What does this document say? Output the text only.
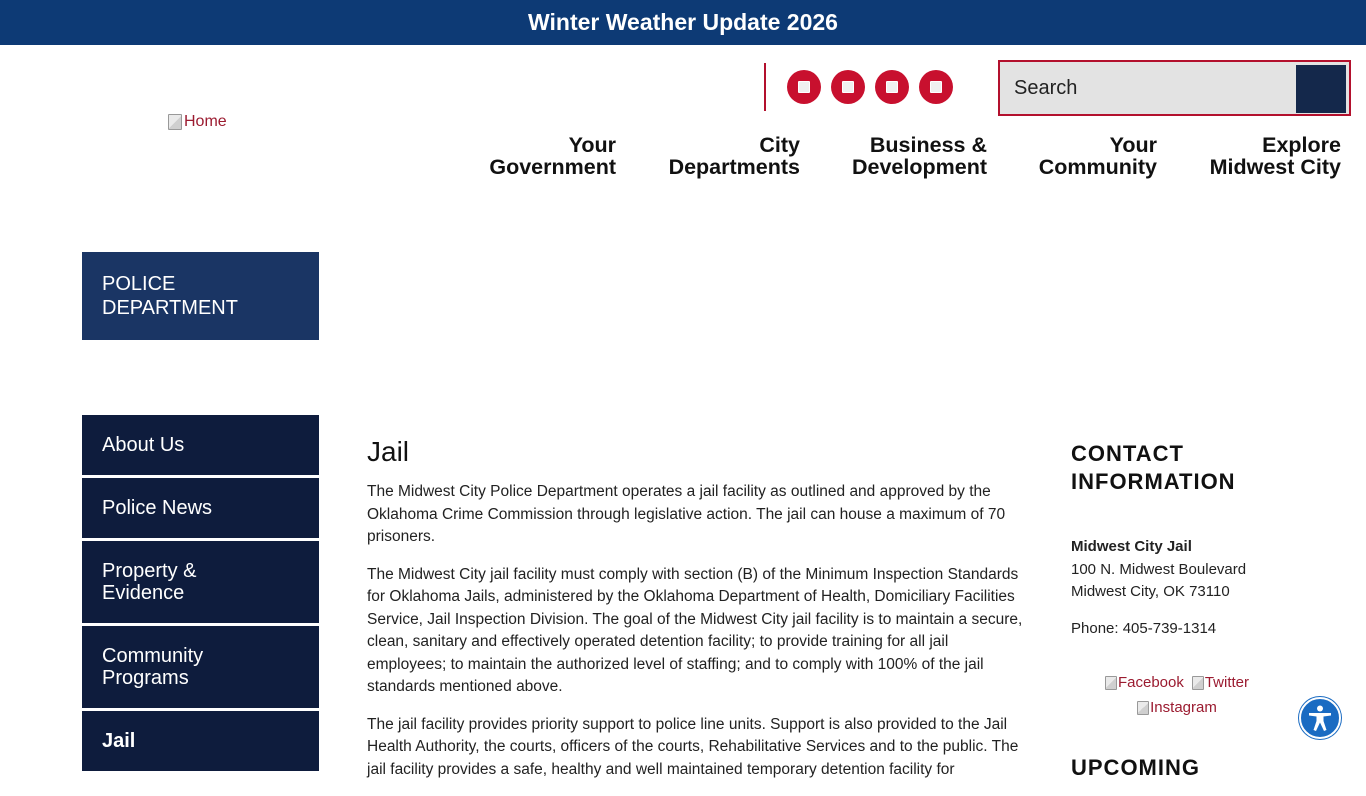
Winter Weather Update 2026
Home
Search
Your
Government
City
Departments
Business &
Development
Your
Community
Explore
Midwest City
POLICE DEPARTMENT
About Us
Police News
Property & Evidence
Community Programs
Jail
Jail

The Midwest City Police Department operates a jail facility as outlined and approved by the Oklahoma Crime Commission through legislative action. The jail can house a maximum of 70 prisoners.

The Midwest City jail facility must comply with section (B) of the Minimum Inspection Standards for Oklahoma Jails, administered by the Oklahoma Department of Health, Domiciliary Facilities Service, Jail Inspection Division. The goal of the Midwest City jail facility is to maintain a secure, clean, sanitary and effectively operated detention facility; to provide training for all jail employees; to maintain the authorized level of staffing; and to comply with 100% of the jail standards mentioned above.

The jail facility provides priority support to police line units. Support is also provided to the Jail Health Authority, the courts, officers of the courts, Rehabilitative Services and to the public. The jail facility provides a safe, healthy and well maintained temporary detention facility for

CONTACT INFORMATION
Midwest City Jail
100 N. Midwest Boulevard
Midwest City, OK 73110
Phone: 405-739-1314
Facebook Twitter

Instagram
UPCOMING
